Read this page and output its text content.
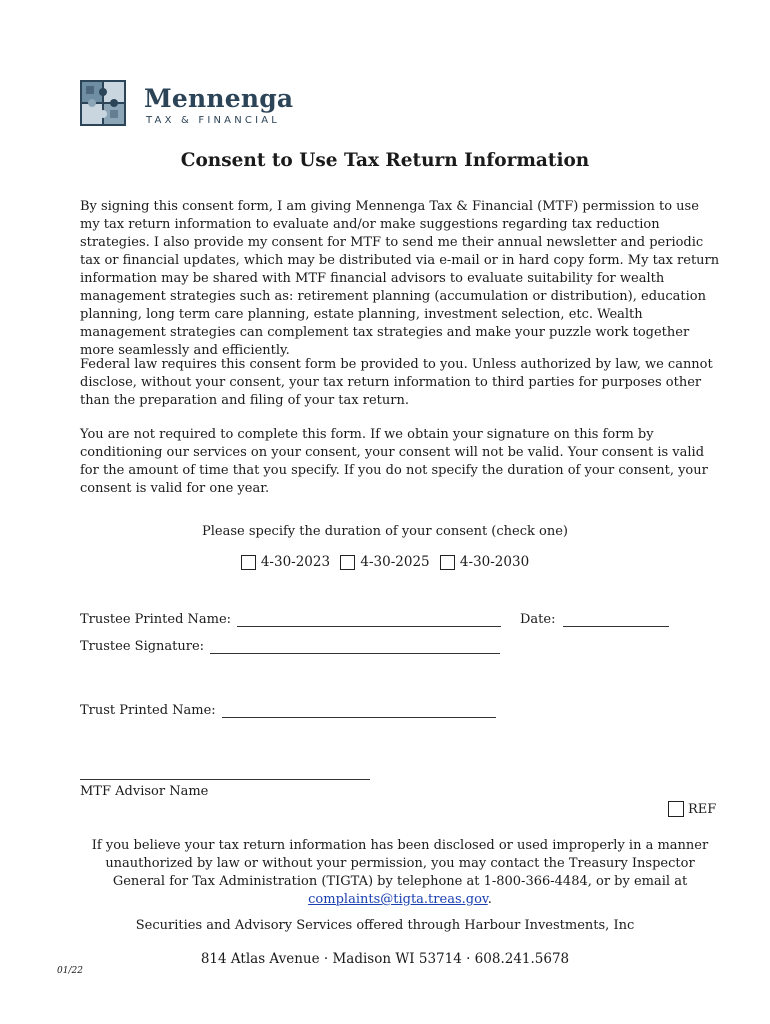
Mennenga
TAX & FINANCIAL
Consent to Use Tax Return Information

By signing this consent form, I am giving Mennenga Tax & Financial (MTF) permission to use my tax return information to evaluate and/or make suggestions regarding tax reduction strategies. I also provide my consent for MTF to send me their annual newsletter and periodic tax or financial updates, which may be distributed via e-mail or in hard copy form. My tax return information may be shared with MTF financial advisors to evaluate suitability for wealth management strategies such as: retirement planning (accumulation or distribution), education planning, long term care planning, estate planning, investment selection, etc. Wealth management strategies can complement tax strategies and make your puzzle work together more seamlessly and efficiently.

Federal law requires this consent form be provided to you. Unless authorized by law, we cannot disclose, without your consent, your tax return information to third parties for purposes other than the preparation and filing of your tax return.

You are not required to complete this form. If we obtain your signature on this form by conditioning our services on your consent, your consent will not be valid. Your consent is valid for the amount of time that you specify. If you do not specify the duration of your consent, your consent is valid for one year.

Please specify the duration of your consent (check one)

4-30-2023
4-30-2025
4-30-2030
Trustee Printed Name:	Date:
Trustee Signature:
Trust Printed Name:
MTF Advisor Name
REF

If you believe your tax return information has been disclosed or used improperly in a manner unauthorized by law or without your permission, you may contact the Treasury Inspector General for Tax Administration (TIGTA) by telephone at 1-800-366-4484, or by email at complaints@tigta.treas.gov.

Securities and Advisory Services offered through Harbour Investments, Inc

814 Atlas Avenue · Madison WI 53714 · 608.241.5678

01/22
